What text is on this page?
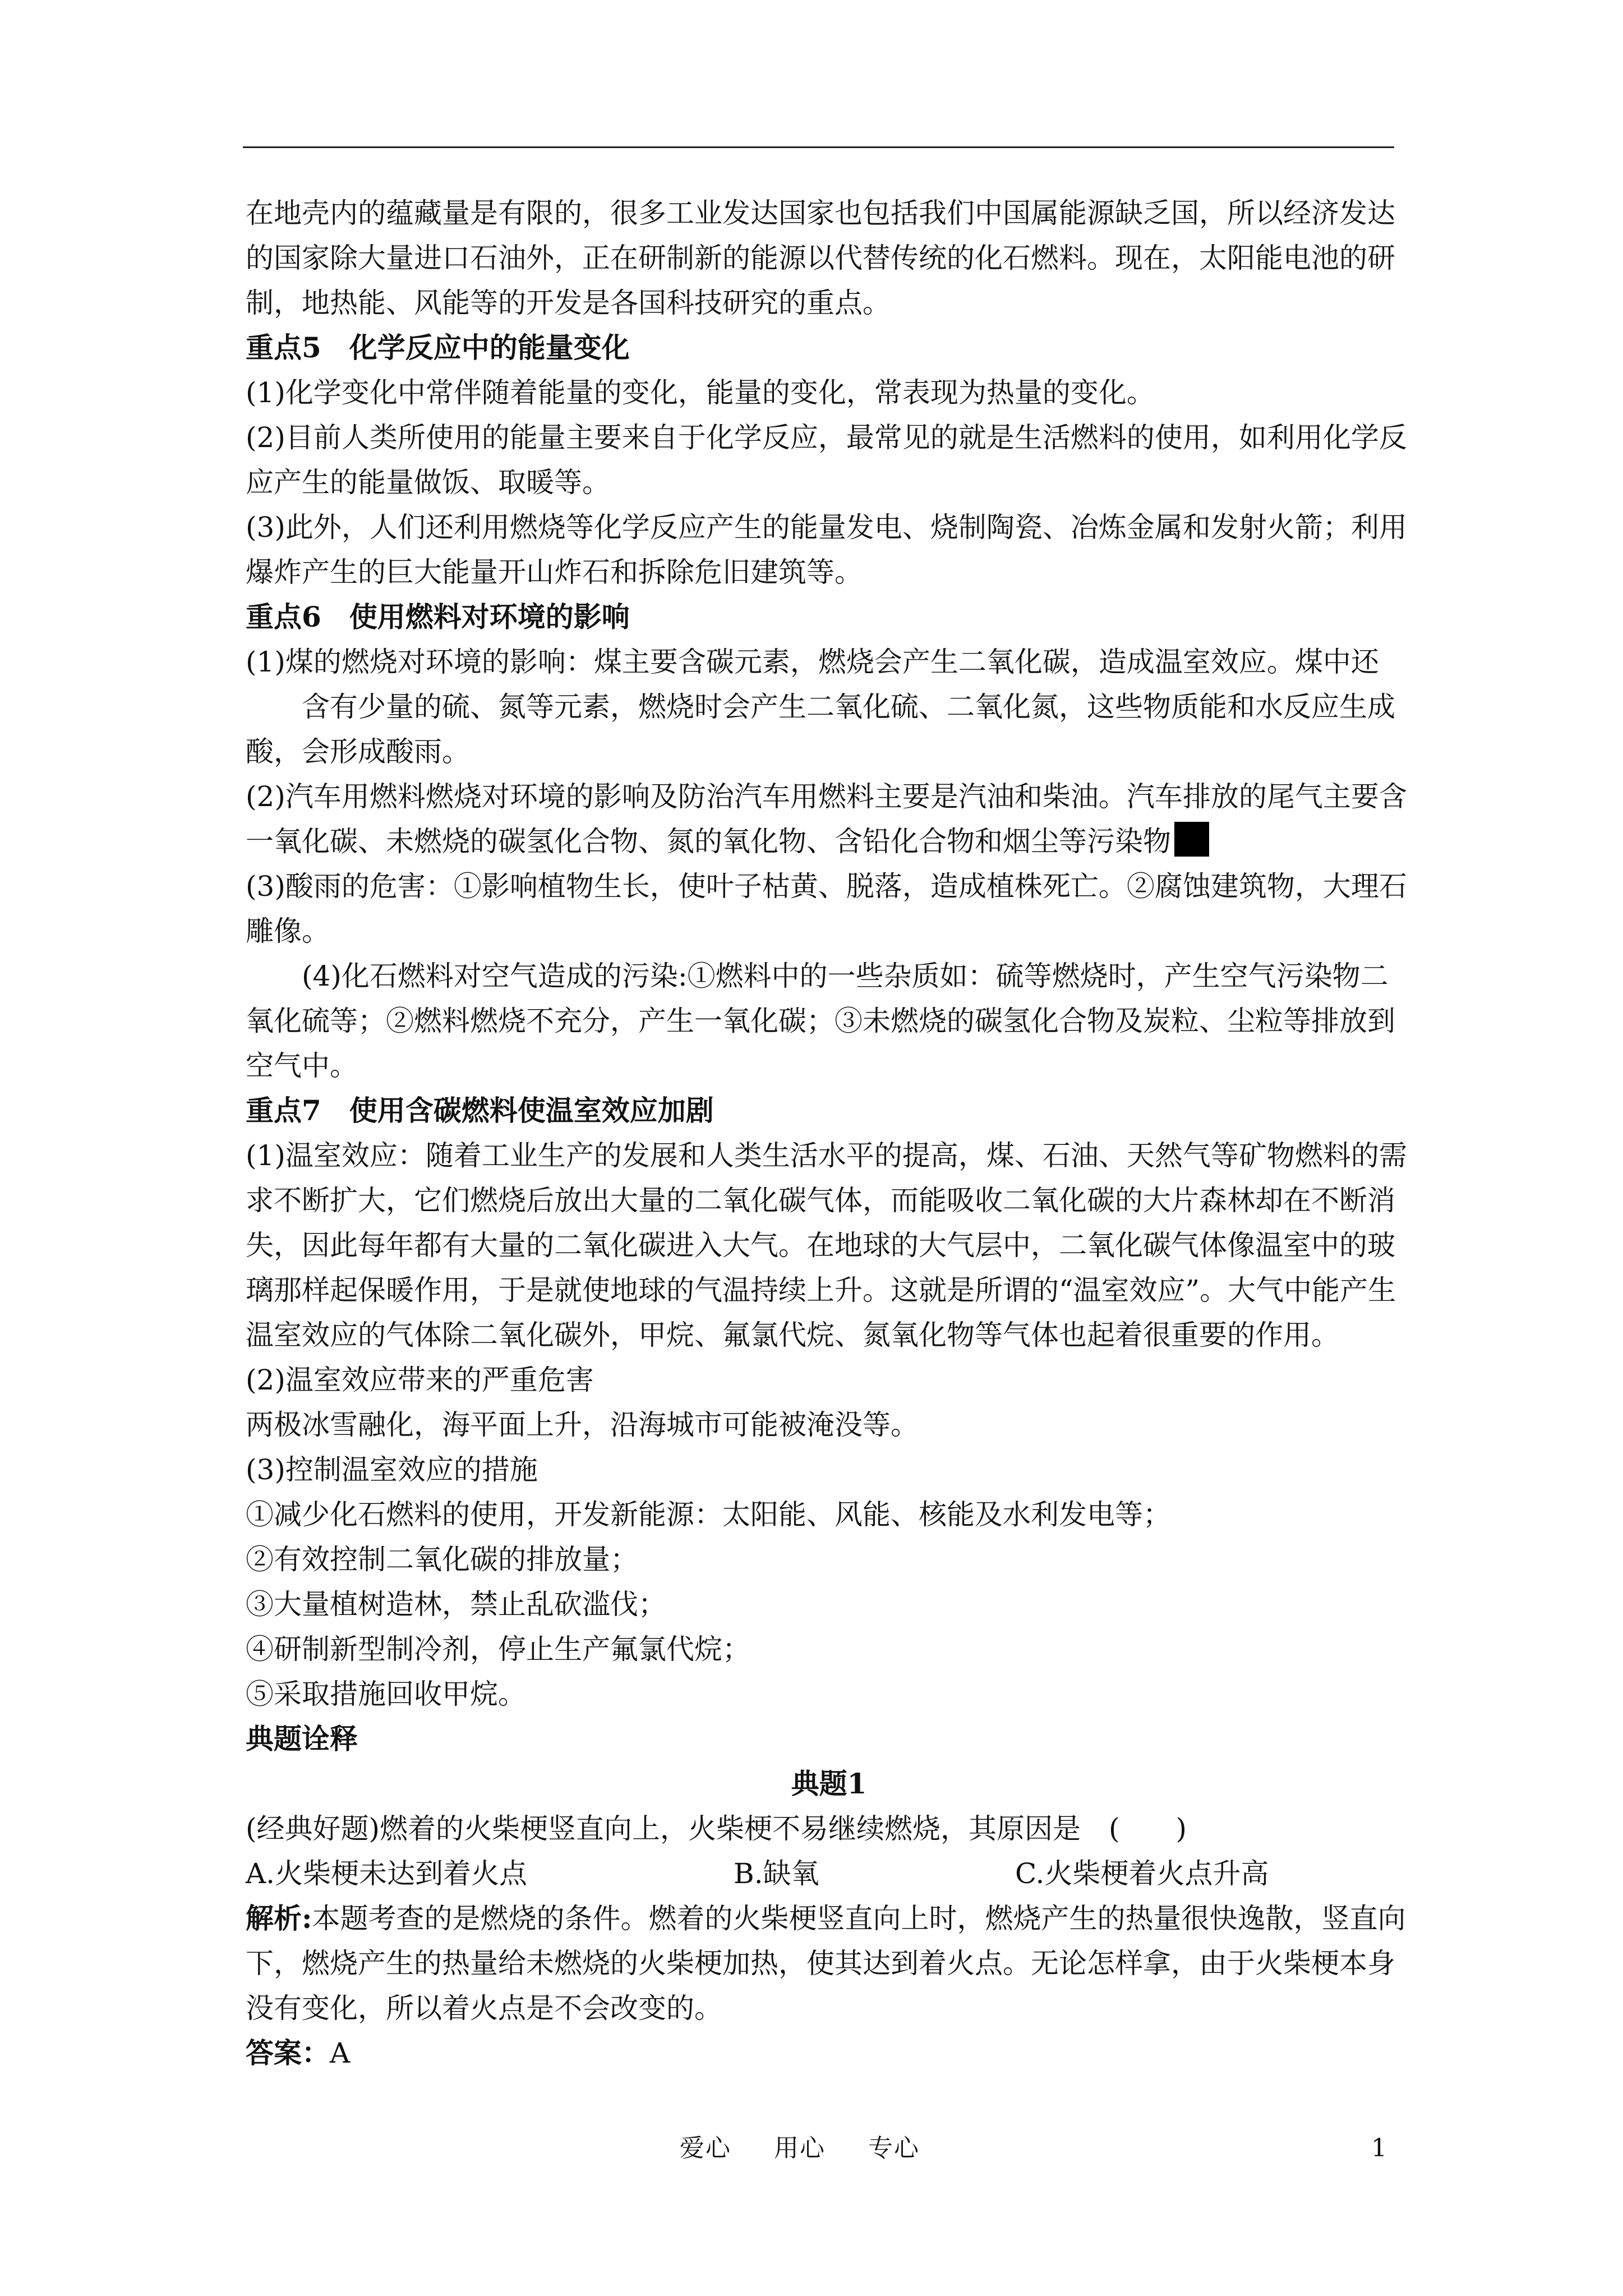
在地壳内的蕴藏量是有限的，很多工业发达国家也包括我们中国属能源缺乏国，所以经济发达的国家除大量进口石油外，正在研制新的能源以代替传统的化石燃料。现在，太阳能电池的研制，地热能、风能等的开发是各国科技研究的重点。

重点5　化学反应中的能量变化

(1)化学变化中常伴随着能量的变化，能量的变化，常表现为热量的变化。

(2)目前人类所使用的能量主要来自于化学反应，最常见的就是生活燃料的使用，如利用化学反应产生的能量做饭、取暖等。

(3)此外，人们还利用燃烧等化学反应产生的能量发电、烧制陶瓷、冶炼金属和发射火箭；利用爆炸产生的巨大能量开山炸石和拆除危旧建筑等。

重点6　使用燃料对环境的影响

(1)煤的燃烧对环境的影响：煤主要含碳元素，燃烧会产生二氧化碳，造成温室效应。煤中还

含有少量的硫、氮等元素，燃烧时会产生二氧化硫、二氧化氮，这些物质能和水反应生成酸，会形成酸雨。

(2)汽车用燃料燃烧对环境的影响及防治汽车用燃料主要是汽油和柴油。汽车排放的尾气主要含一氧化碳、未燃烧的碳氢化合物、氮的氧化物、含铅化合物和烟尘等污染物

(3)酸雨的危害：①影响植物生长，使叶子枯黄、脱落，造成植株死亡。②腐蚀建筑物，大理石雕像。

(4)化石燃料对空气造成的污染:①燃料中的一些杂质如：硫等燃烧时，产生空气污染物二氧化硫等；②燃料燃烧不充分，产生一氧化碳；③未燃烧的碳氢化合物及炭粒、尘粒等排放到空气中。

重点7　使用含碳燃料使温室效应加剧

(1)温室效应：随着工业生产的发展和人类生活水平的提高，煤、石油、天然气等矿物燃料的需求不断扩大，它们燃烧后放出大量的二氧化碳气体，而能吸收二氧化碳的大片森林却在不断消失，因此每年都有大量的二氧化碳进入大气。在地球的大气层中，二氧化碳气体像温室中的玻璃那样起保暖作用，于是就使地球的气温持续上升。这就是所谓的“温室效应”。大气中能产生温室效应的气体除二氧化碳外，甲烷、氟氯代烷、氮氧化物等气体也起着很重要的作用。

(2)温室效应带来的严重危害

两极冰雪融化，海平面上升，沿海城市可能被淹没等。

(3)控制温室效应的措施

①减少化石燃料的使用，开发新能源：太阳能、风能、核能及水利发电等；

②有效控制二氧化碳的排放量；

③大量植树造林，禁止乱砍滥伐；

④研制新型制冷剂，停止生产氟氯代烷；

⑤采取措施回收甲烷。

典题诠释

典题1

(经典好题)燃着的火柴梗竖直向上，火柴梗不易继续燃烧，其原因是　(　　)

A.火柴梗未达到着火点	B.缺氧	C.火柴梗着火点升高

解析:本题考查的是燃烧的条件。燃着的火柴梗竖直向上时，燃烧产生的热量很快逸散，竖直向下，燃烧产生的热量给未燃烧的火柴梗加热，使其达到着火点。无论怎样拿，由于火柴梗本身没有变化，所以着火点是不会改变的。

答案：A

爱心 用心 专心	1
